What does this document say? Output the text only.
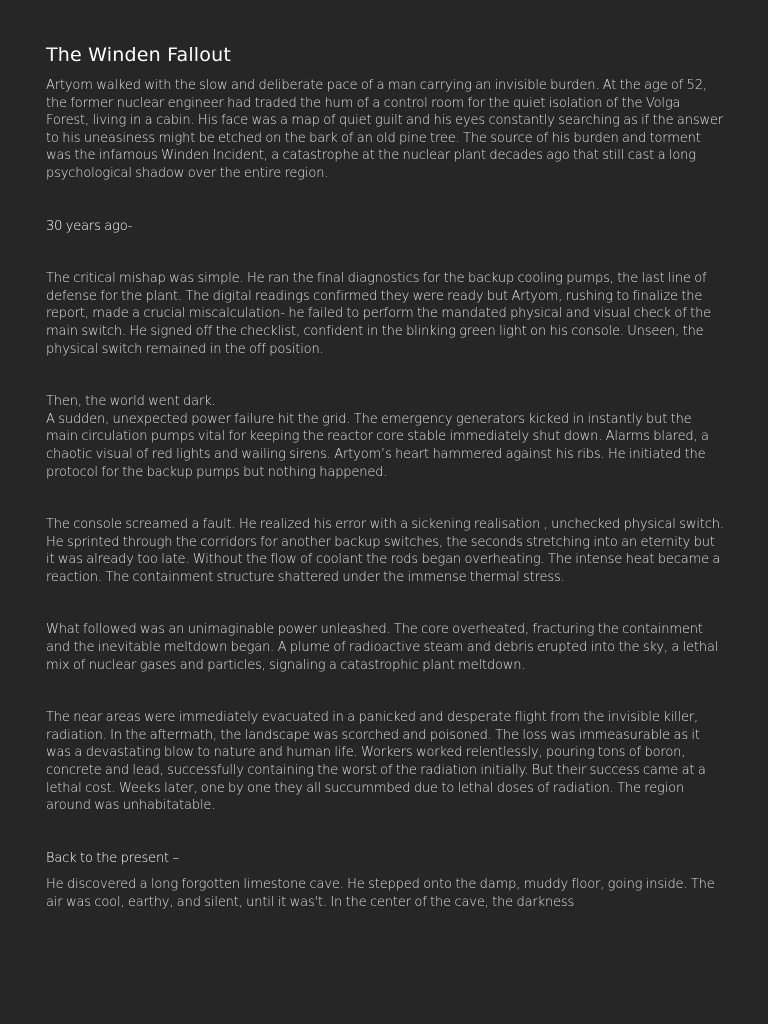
The Winden Fallout

Artyom walked with the slow and deliberate pace of a man carrying an invisible burden. At the age of 52, the former nuclear engineer had traded the hum of a control room for the quiet isolation of the Volga Forest, living in a cabin. His face was a map of quiet guilt and his eyes constantly searching as if the answer to his uneasiness might be etched on the bark of an old pine tree. The source of his burden and torment was the infamous Winden Incident, a catastrophe at the nuclear plant decades ago that still cast a long psychological shadow over the entire region.

30 years ago-

The critical mishap was simple. He ran the final diagnostics for the backup cooling pumps, the last line of defense for the plant. The digital readings confirmed they were ready but Artyom, rushing to finalize the report, made a crucial miscalculation- he failed to perform the mandated physical and visual check of the main switch. He signed off the checklist, confident in the blinking green light on his console. Unseen, the physical switch remained in the off position.

Then, the world went dark.

A sudden, unexpected power failure hit the grid. The emergency generators kicked in instantly but the main circulation pumps vital for keeping the reactor core stable immediately shut down. Alarms blared, a chaotic visual of red lights and wailing sirens. Artyom’s heart hammered against his ribs. He initiated the protocol for the backup pumps but nothing happened.

The console screamed a fault. He realized his error with a sickening realisation , unchecked physical switch. He sprinted through the corridors for another backup switches, the seconds stretching into an eternity but it was already too late. Without the flow of coolant the rods began overheating. The intense heat became a reaction. The containment structure shattered under the immense thermal stress.

What followed was an unimaginable power unleashed. The core overheated, fracturing the containment and the inevitable meltdown began. A plume of radioactive steam and debris erupted into the sky, a lethal mix of nuclear gases and particles, signaling a catastrophic plant meltdown.

The near areas were immediately evacuated in a panicked and desperate flight from the invisible killer, radiation. In the aftermath, the landscape was scorched and poisoned. The loss was immeasurable as it was a devastating blow to nature and human life. Workers worked relentlessly, pouring tons of boron, concrete and lead, successfully containing the worst of the radiation initially. But their success came at a lethal cost. Weeks later, one by one they all succummbed due to lethal doses of radiation. The region around was unhabitatable.

Back to the present –

He discovered a long forgotten limestone cave. He stepped onto the damp, muddy floor, going inside. The air was cool, earthy, and silent, until it was't. In the center of the cave, the darkness
